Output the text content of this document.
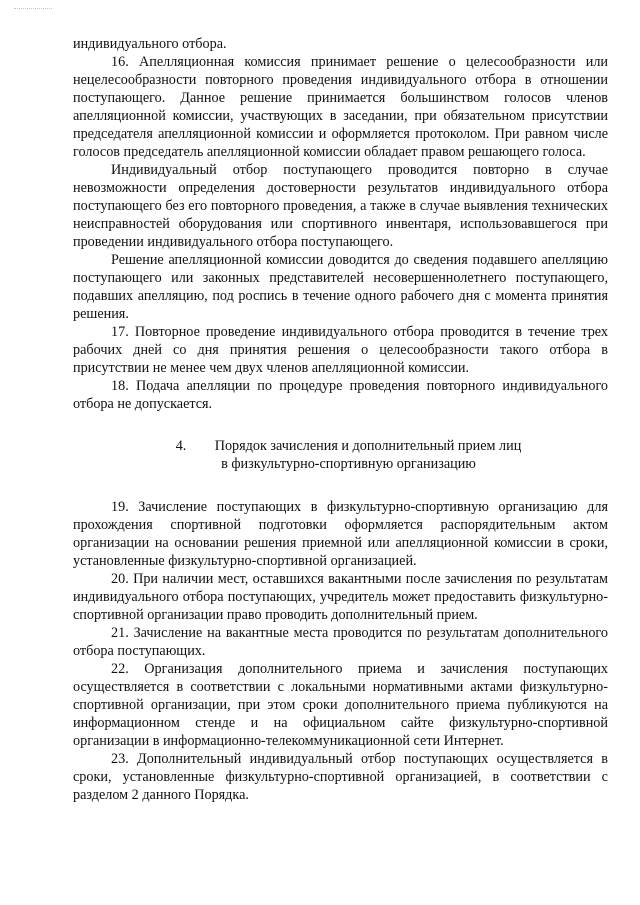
индивидуального отбора.

16. Апелляционная комиссия принимает решение о целесообразности или нецелесообразности повторного проведения индивидуального отбора в отношении поступающего. Данное решение принимается большинством голосов членов апелляционной комиссии, участвующих в заседании, при обязательном присутствии председателя апелляционной комиссии и оформляется протоколом. При равном числе голосов председатель апелляционной комиссии обладает правом решающего голоса.

Индивидуальный отбор поступающего проводится повторно в случае невозможности определения достоверности результатов индивидуального отбора поступающего без его повторного проведения, а также в случае выявления технических неисправностей оборудования или спортивного инвентаря, использовавшегося при проведении индивидуального отбора поступающего.

Решение апелляционной комиссии доводится до сведения подавшего апелляцию поступающего или законных представителей несовершеннолетнего поступающего, подавших апелляцию, под роспись в течение одного рабочего дня с момента принятия решения.

17. Повторное проведение индивидуального отбора проводится в течение трех рабочих дней со дня принятия решения о целесообразности такого отбора в присутствии не менее чем двух членов апелляционной комиссии.

18. Подача апелляции по процедуре проведения повторного индивидуального отбора не допускается.

4.  Порядок зачисления и дополнительный прием лиц
в физкультурно-спортивную организацию

19. Зачисление поступающих в физкультурно-спортивную организацию для прохождения спортивной подготовки оформляется распорядительным актом организации на основании решения приемной или апелляционной комиссии в сроки, установленные физкультурно-спортивной организацией.

20. При наличии мест, оставшихся вакантными после зачисления по результатам индивидуального отбора поступающих, учредитель может предоставить физкультурно-спортивной организации право проводить дополнительный прием.

21. Зачисление на вакантные места проводится по результатам дополнительного отбора поступающих.

22. Организация дополнительного приема и зачисления поступающих осуществляется в соответствии с локальными нормативными актами физкультурно-спортивной организации, при этом сроки дополнительного приема публикуются на информационном стенде и на официальном сайте физкультурно-спортивной организации в информационно-телекоммуникационной сети Интернет.

23. Дополнительный индивидуальный отбор поступающих осуществляется в сроки, установленные физкультурно-спортивной организацией, в соответствии с разделом 2 данного Порядка.
